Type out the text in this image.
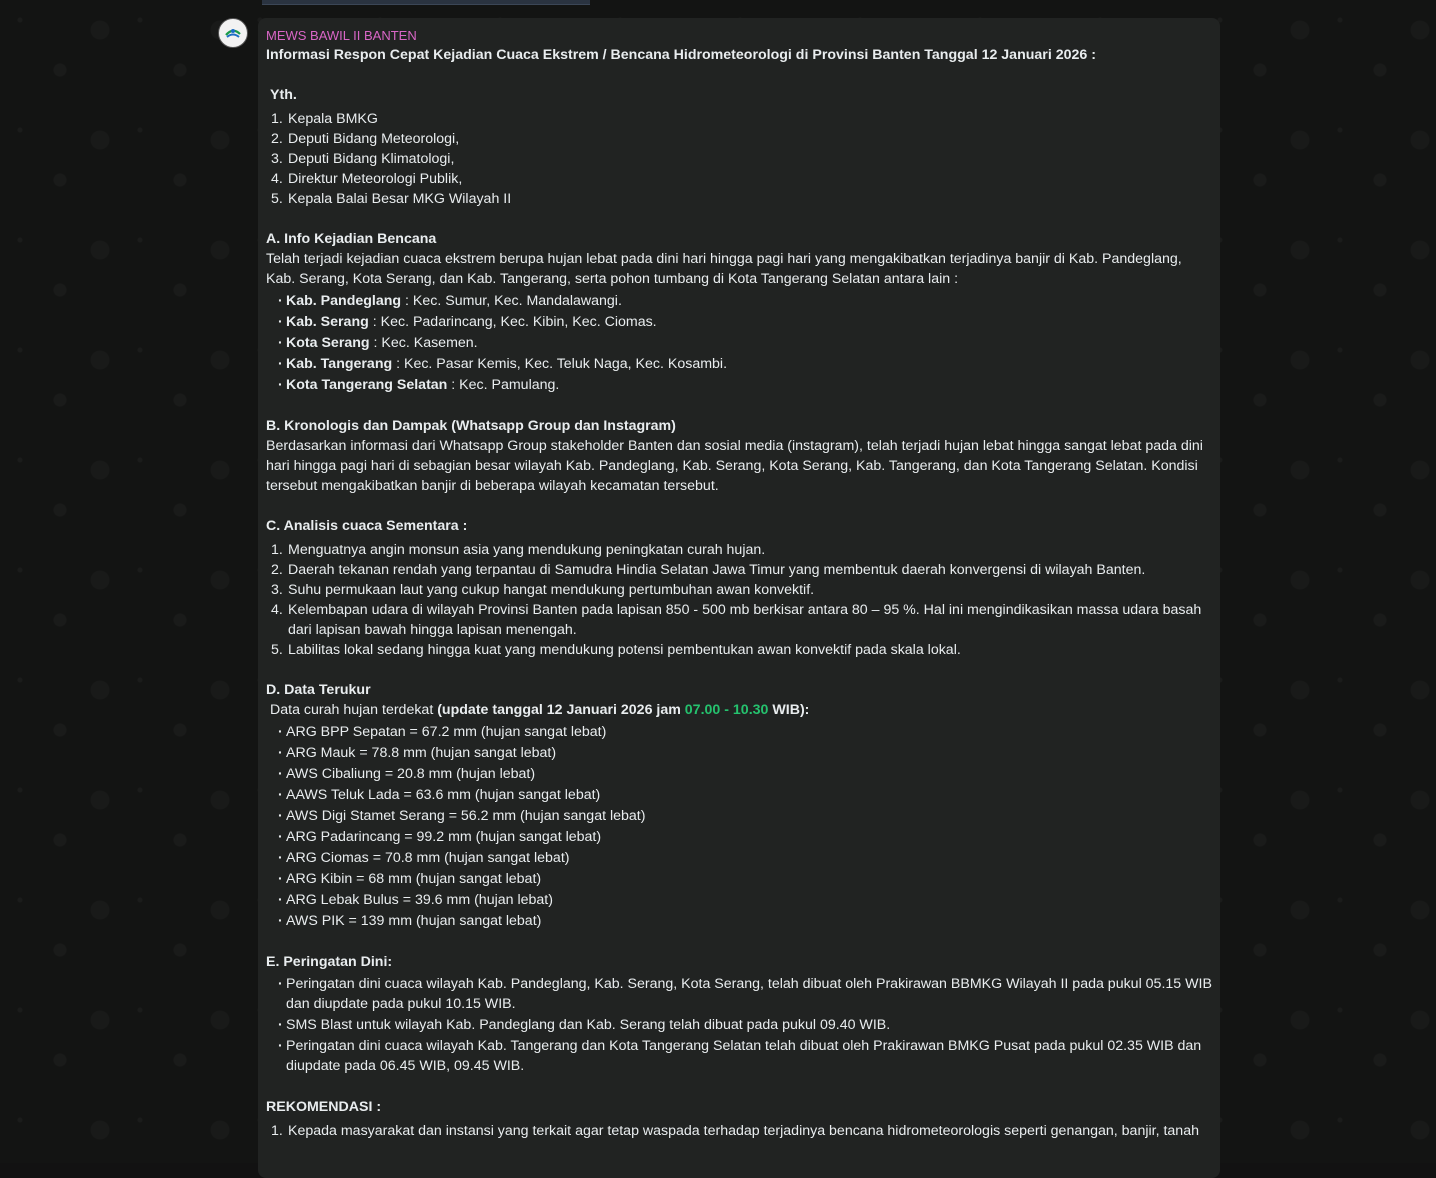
MEWS BAWIL II BANTEN
Informasi Respon Cepat Kejadian Cuaca Ekstrem / Bencana Hidrometeorologi di Provinsi Banten Tanggal 12 Januari 2026 :
Yth.
1. Kepala BMKG
2. Deputi Bidang Meteorologi,
3. Deputi Bidang Klimatologi,
4. Direktur Meteorologi Publik,
5. Kepala Balai Besar MKG Wilayah II
A. Info Kejadian Bencana
Telah terjadi kejadian cuaca ekstrem berupa hujan lebat pada dini hari hingga pagi hari yang mengakibatkan terjadinya banjir di Kab. Pandeglang, Kab. Serang, Kota Serang, dan Kab. Tangerang, serta pohon tumbang di Kota Tangerang Selatan antara lain :
· Kab. Pandeglang : Kec. Sumur, Kec. Mandalawangi.
· Kab. Serang : Kec. Padarincang, Kec. Kibin, Kec. Ciomas.
· Kota Serang : Kec. Kasemen.
· Kab. Tangerang : Kec. Pasar Kemis, Kec. Teluk Naga, Kec. Kosambi.
· Kota Tangerang Selatan : Kec. Pamulang.
B. Kronologis dan Dampak (Whatsapp Group dan Instagram)
Berdasarkan informasi dari Whatsapp Group stakeholder Banten dan sosial media (instagram), telah terjadi hujan lebat hingga sangat lebat pada dini hari hingga pagi hari di sebagian besar wilayah Kab. Pandeglang, Kab. Serang, Kota Serang, Kab. Tangerang, dan Kota Tangerang Selatan. Kondisi tersebut mengakibatkan banjir di beberapa wilayah kecamatan tersebut.
C. Analisis cuaca Sementara :
1. Menguatnya angin monsun asia yang mendukung peningkatan curah hujan.
2. Daerah tekanan rendah yang terpantau di Samudra Hindia Selatan Jawa Timur yang membentuk daerah konvergensi di wilayah Banten.
3. Suhu permukaan laut yang cukup hangat mendukung pertumbuhan awan konvektif.
4. Kelembapan udara di wilayah Provinsi Banten pada lapisan 850 - 500 mb berkisar antara 80 – 95 %. Hal ini mengindikasikan massa udara basah dari lapisan bawah hingga lapisan menengah.
5. Labilitas lokal sedang hingga kuat yang mendukung potensi pembentukan awan konvektif pada skala lokal.
D. Data Terukur
Data curah hujan terdekat (update tanggal 12 Januari 2026 jam 07.00 - 10.30 WIB):
· ARG BPP Sepatan = 67.2 mm (hujan sangat lebat)
· ARG Mauk = 78.8 mm (hujan sangat lebat)
· AWS Cibaliung = 20.8 mm (hujan lebat)
· AAWS Teluk Lada = 63.6 mm (hujan sangat lebat)
· AWS Digi Stamet Serang = 56.2 mm (hujan sangat lebat)
· ARG Padarincang = 99.2 mm (hujan sangat lebat)
· ARG Ciomas = 70.8 mm (hujan sangat lebat)
· ARG Kibin = 68 mm (hujan sangat lebat)
· ARG Lebak Bulus = 39.6 mm (hujan lebat)
· AWS PIK = 139 mm (hujan sangat lebat)
E. Peringatan Dini:
· Peringatan dini cuaca wilayah Kab. Pandeglang, Kab. Serang, Kota Serang, telah dibuat oleh Prakirawan BBMKG Wilayah II pada pukul 05.15 WIB dan diupdate pada pukul 10.15 WIB.
· SMS Blast untuk wilayah Kab. Pandeglang dan Kab. Serang telah dibuat pada pukul 09.40 WIB.
· Peringatan dini cuaca wilayah Kab. Tangerang dan Kota Tangerang Selatan telah dibuat oleh Prakirawan BMKG Pusat pada pukul 02.35 WIB dan diupdate pada 06.45 WIB, 09.45 WIB.
REKOMENDASI :
1. Kepada masyarakat dan instansi yang terkait agar tetap waspada terhadap terjadinya bencana hidrometeorologis seperti genangan, banjir, tanah
